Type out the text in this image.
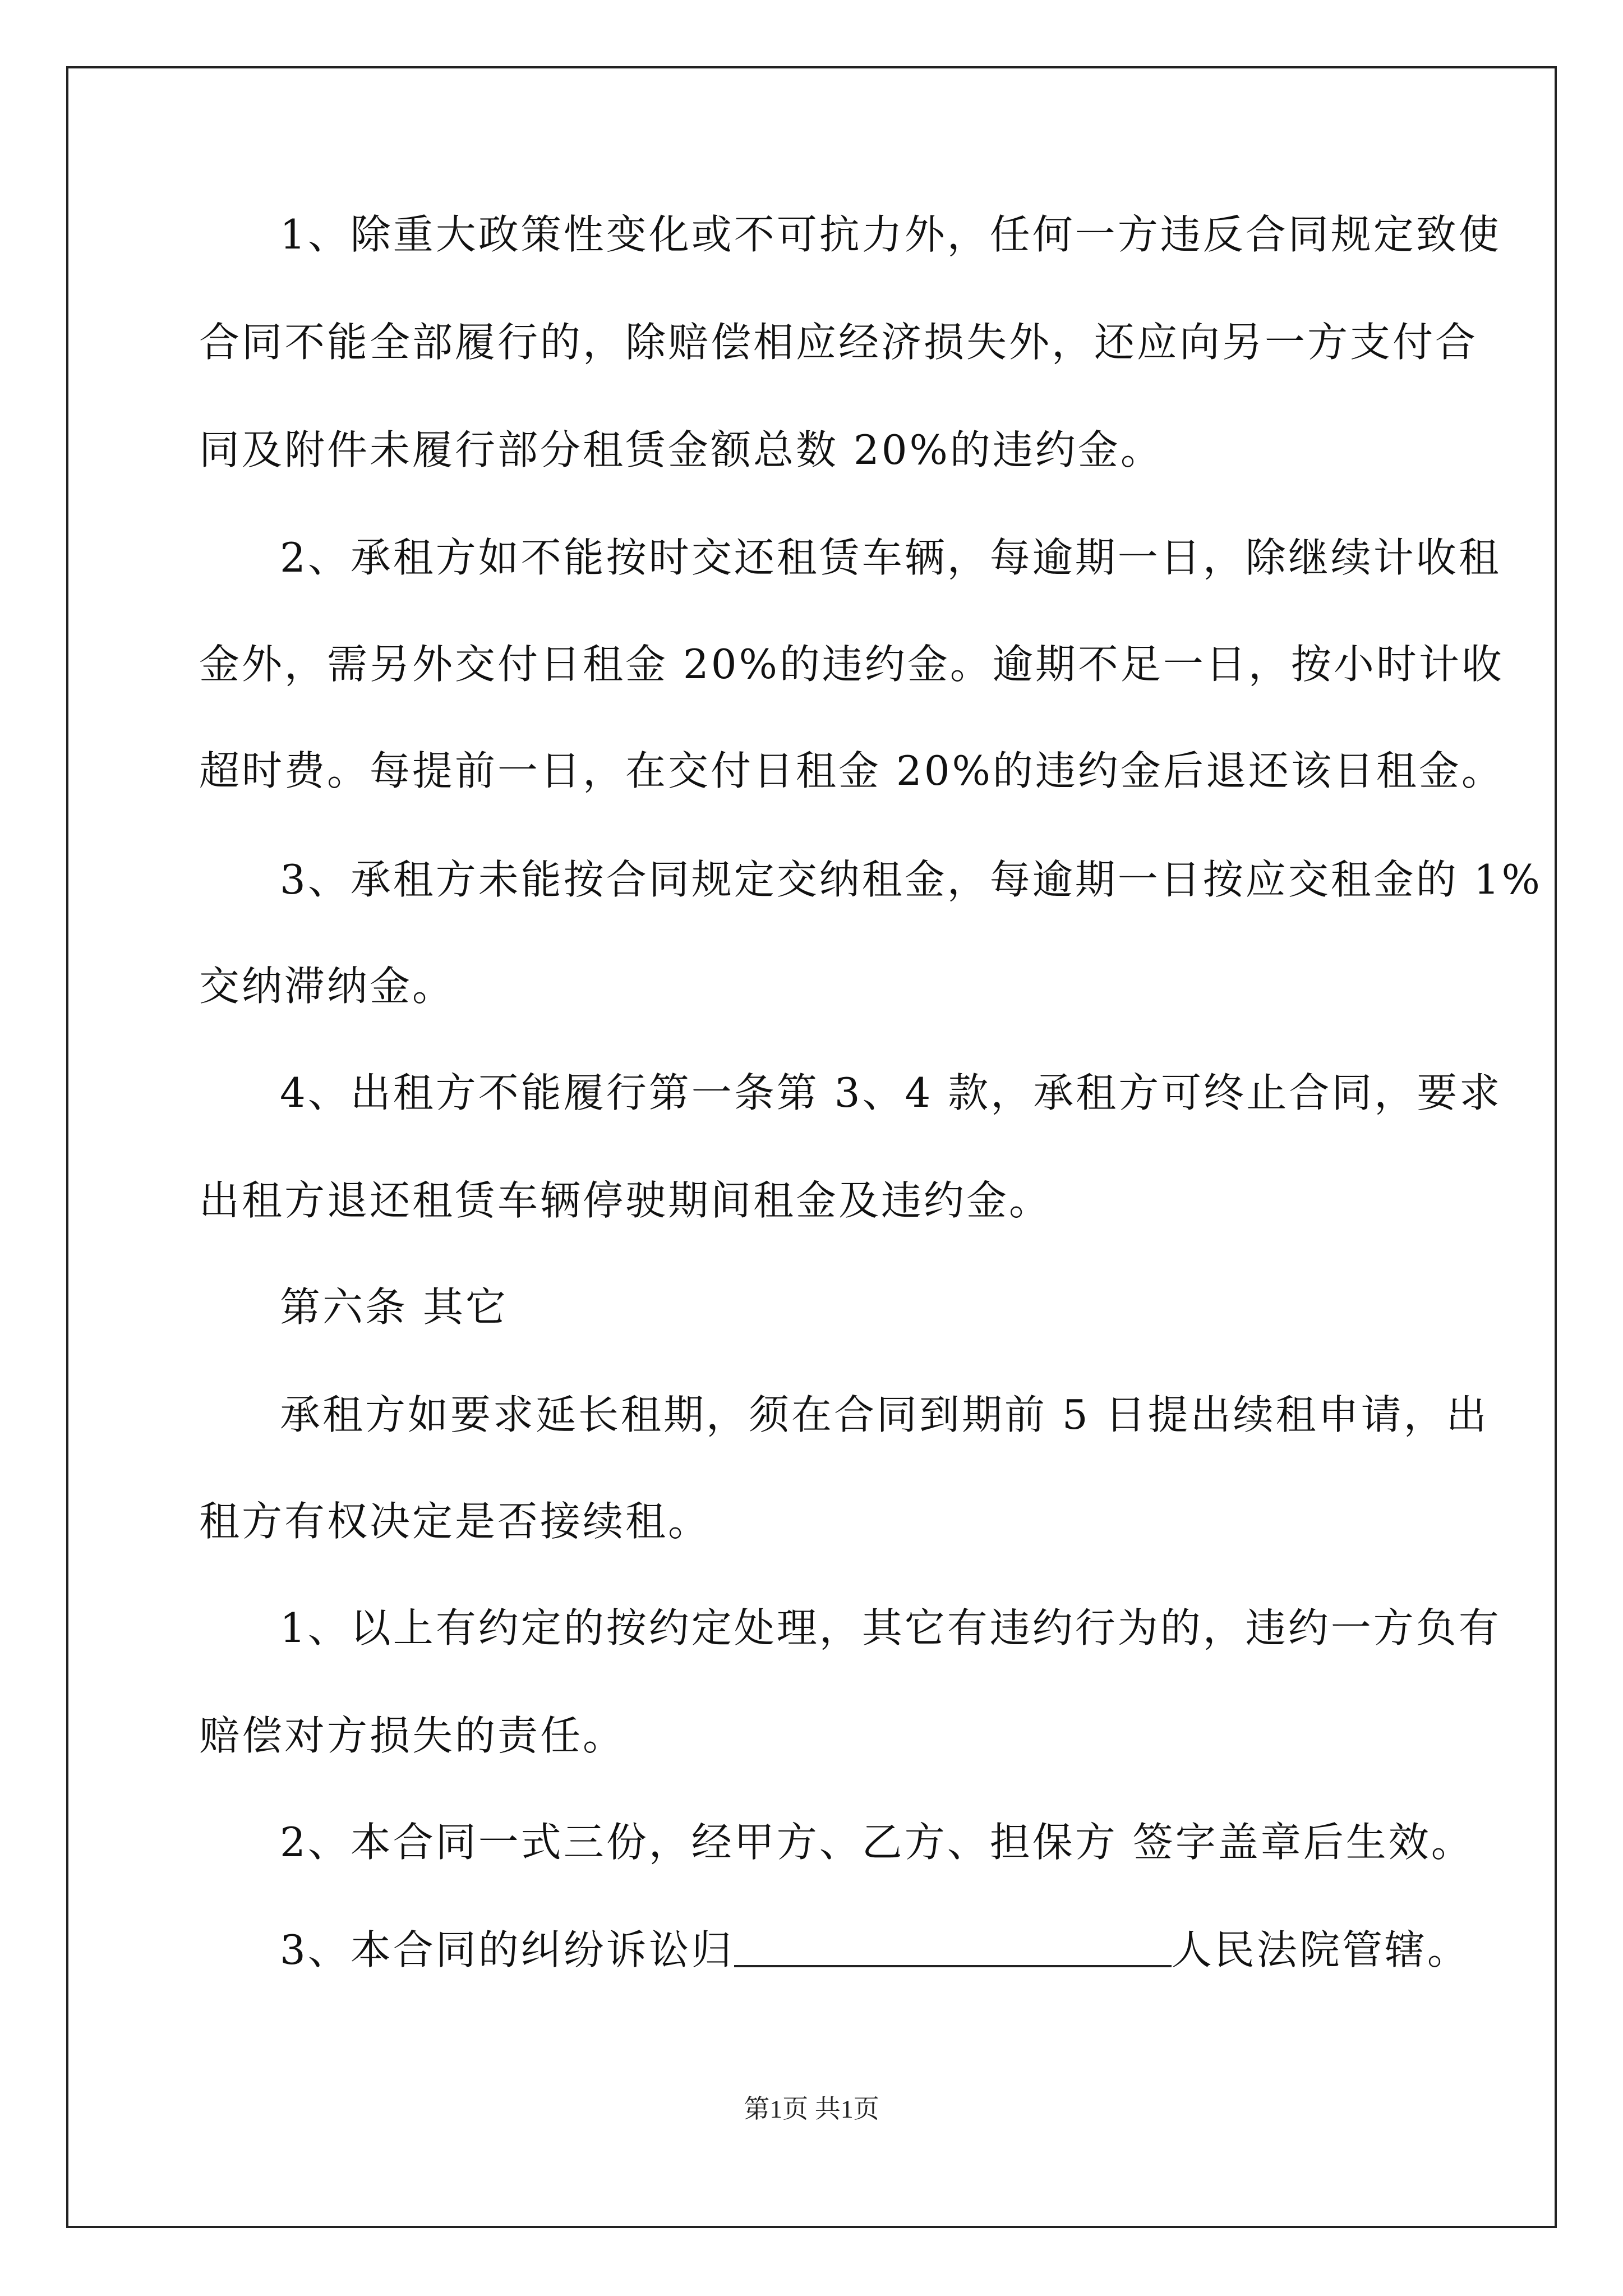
1、除重大政策性变化或不可抗力外，任何一方违反合同规定致使
合同不能全部履行的，除赔偿相应经济损失外，还应向另一方支付合
同及附件未履行部分租赁金额总数 20%的违约金。
2、承租方如不能按时交还租赁车辆，每逾期一日，除继续计收租
金外，需另外交付日租金 20%的违约金。逾期不足一日，按小时计收
超时费。每提前一日，在交付日租金 20%的违约金后退还该日租金。
3、承租方未能按合同规定交纳租金，每逾期一日按应交租金的 1%
交纳滞纳金。
4、出租方不能履行第一条第 3、4 款，承租方可终止合同，要求
出租方退还租赁车辆停驶期间租金及违约金。
第六条 其它
承租方如要求延长租期，须在合同到期前 5 日提出续租申请，出
租方有权决定是否接续租。
1、以上有约定的按约定处理，其它有违约行为的，违约一方负有
赔偿对方损失的责任。
2、本合同一式三份，经甲方、乙方、担保方 签字盖章后生效。
3、本合同的纠纷诉讼归	人民法院管辖。
第1页 共1页
